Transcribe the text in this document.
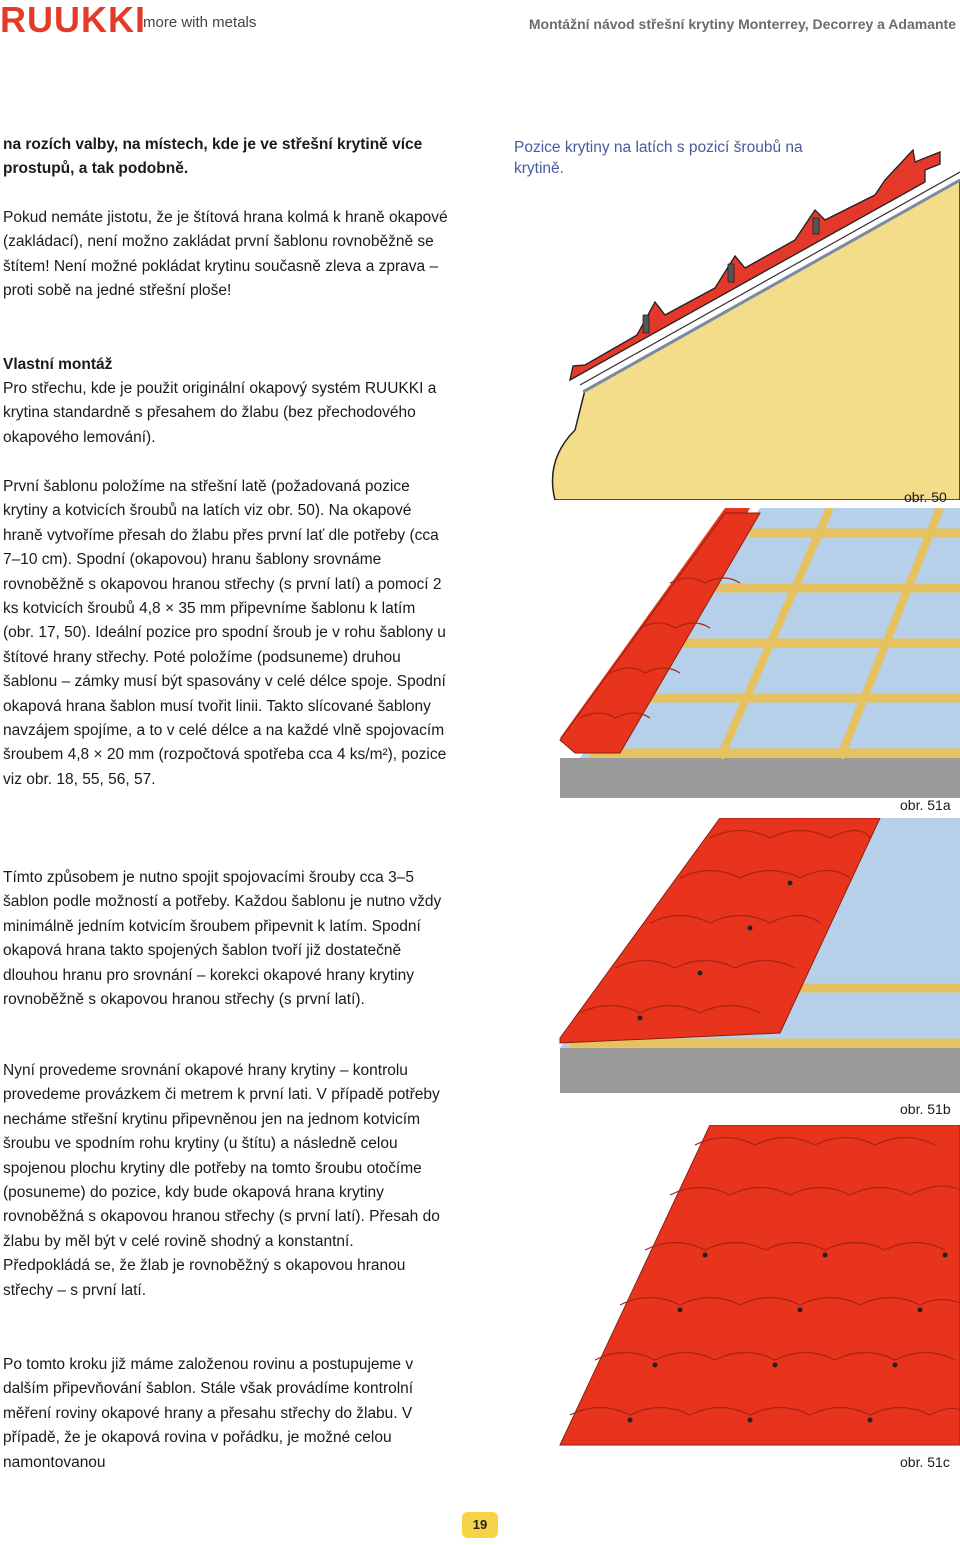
RUUKKI
more with metals	Montážní návod střešní krytiny Monterrey, Decorrey a Adamante
na rozích valby, na místech, kde je ve střešní krytině více prostupů, a tak podobně.
Pokud nemáte jistotu, že je štítová hrana kolmá k hraně okapové (zakládací), není možno zakládat první šablonu rovnoběžně se štítem! Není možné pokládat krytinu současně zleva a zprava – proti sobě na jedné střešní ploše!
Vlastní montáž
Pro střechu, kde je použit originální okapový systém RUUKKI a krytina standardně s přesahem do žlabu (bez přechodového okapového lemování).
První šablonu položíme na střešní latě (požadovaná pozice krytiny a kotvicích šroubů na latích viz obr. 50). Na okapové hraně vytvoříme přesah do žlabu přes první lať dle potřeby (cca 7–10 cm). Spodní (okapovou) hranu šablony srovnáme rovnoběžně s okapovou hranou střechy (s první latí) a pomocí 2 ks kotvicích šroubů 4,8 × 35 mm připevníme šablonu k latím (obr. 17, 50). Ideální pozice pro spodní šroub je v rohu šablony u štítové hrany střechy. Poté položíme (podsuneme) druhou šablonu – zámky musí být spasovány v celé délce spoje. Spodní okapová hrana šablon musí tvořit linii. Takto slícované šablony navzájem spojíme, a to v celé délce a na každé vlně spojovacím šroubem 4,8 × 20 mm (rozpočtová spotřeba cca 4 ks/m²), pozice viz obr. 18, 55, 56, 57.
Tímto způsobem je nutno spojit spojovacími šrouby cca 3–5 šablon podle možností a potřeby. Každou šablonu je nutno vždy minimálně jedním kotvicím šroubem připevnit k latím. Spodní okapová hrana takto spojených šablon tvoří již dostatečně dlouhou hranu pro srovnání – korekci okapové hrany krytiny rovnoběžně s okapovou hranou střechy (s první latí).
Nyní provedeme srovnání okapové hrany krytiny – kontrolu provedeme provázkem či metrem k první lati. V případě potřeby necháme střešní krytinu připevněnou jen na jednom kotvicím šroubu ve spodním rohu krytiny (u štítu) a následně celou spojenou plochu krytiny dle potřeby na tomto šroubu otočíme (posuneme) do pozice, kdy bude okapová hrana krytiny rovnoběžná s okapovou hranou střechy (s první latí). Přesah do žlabu by měl být v celé rovině shodný a konstantní. Předpokládá se, že žlab je rovnoběžný s okapovou hranou střechy – s první latí.
Po tomto kroku již máme založenou rovinu a postupujeme v dalším připevňování šablon. Stále však provádíme kontrolní měření roviny okapové hrany a přesahu střechy do žlabu. V případě, že je okapová rovina v pořádku, je možné celou namontovanou
Pozice krytiny na latích s pozicí šroubů na krytině.
obr. 50
obr. 51a
obr. 51b
obr. 51c
19
